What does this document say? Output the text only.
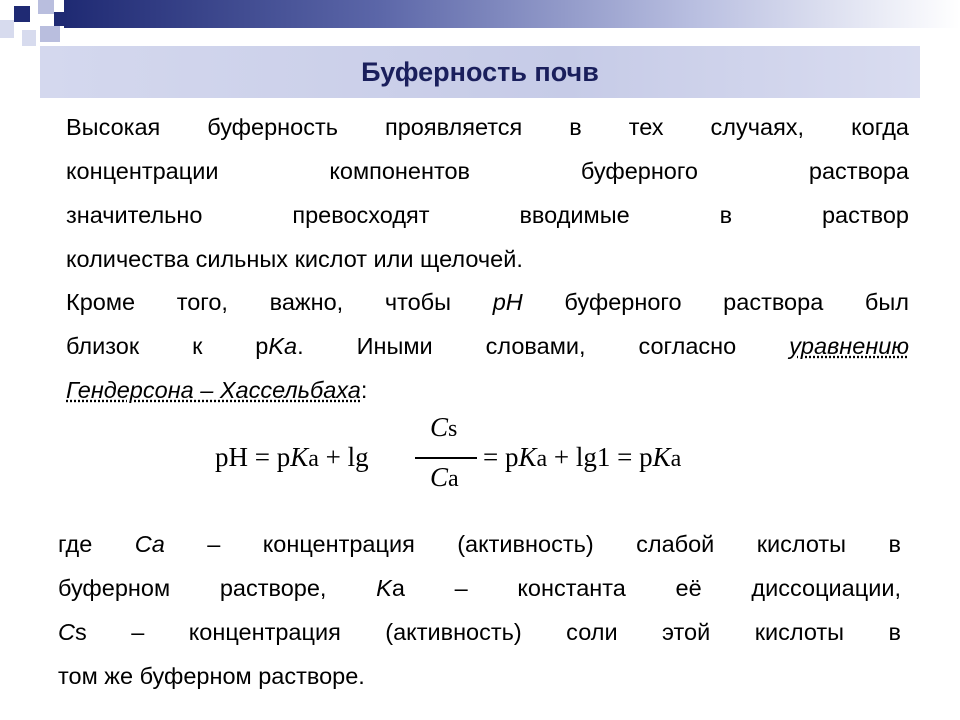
Буферность почв
Высокая буферность проявляется в тех случаях, когда
концентрации компонентов буферного раствора
значительно превосходят вводимые в раствор
количества сильных кислот или щелочей.
Кроме того, важно, чтобы рН буферного раствора был
близок к pKa. Иными словами, согласно уравнению
Гендерсона – Хассельбаха:
pH = pKa + lg
Cs
Ca
= pKa + lg1 = pKa
где Ca – концентрация (активность) слабой кислоты в
буферном растворе, Ka – константа её диссоциации,
Cs – концентрация (активность) соли этой кислоты в
том же буферном растворе.
